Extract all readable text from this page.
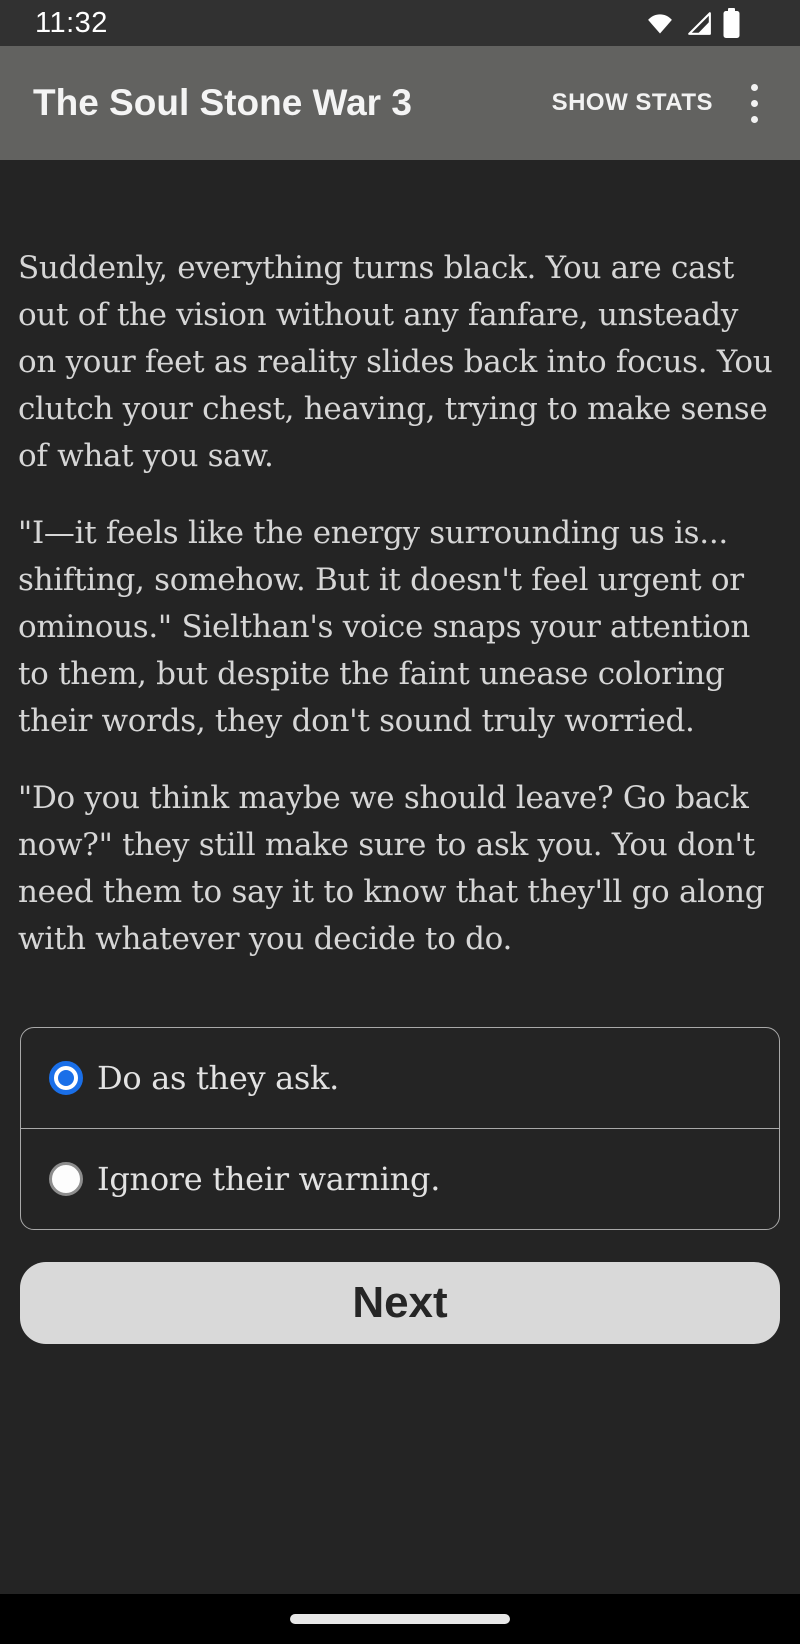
11:32
The Soul Stone War 3	SHOW STATS

Suddenly, everything turns black. You are cast out of the vision without any fanfare, unsteady on your feet as reality slides back into focus. You clutch your chest, heaving, trying to make sense of what you saw.

"I—it feels like the energy surrounding us is... shifting, somehow. But it doesn't feel urgent or ominous." Sielthan's voice snaps your attention to them, but despite the faint unease coloring their words, they don't sound truly worried.

"Do you think maybe we should leave? Go back now?" they still make sure to ask you. You don't need them to say it to know that they'll go along with whatever you decide to do.

Do as they ask.
Ignore their warning.
Next
